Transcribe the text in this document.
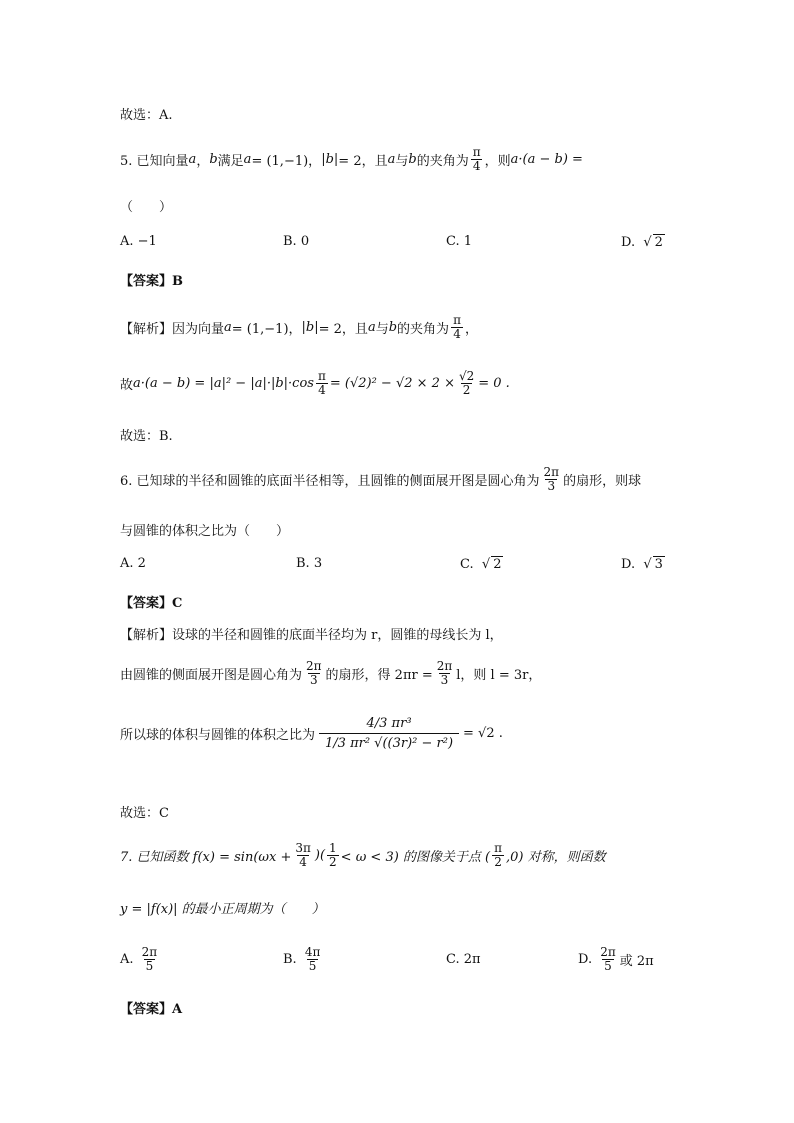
故选：A.
5. 已知向量 a ， b 满足 a = (1,−1)， |b| = 2，且 a 与 b 的夹角为 $\frac{\pi}{4}$ ，则 a ·(a − b) =
（　　）
A. −1	B. 0	C. 1	D.
√ 2
【答案】B
【解析】因为向量 a = (1,−1)， |b| = 2，且 a 与 b 的夹角为 $\frac{\pi}{4}$ ，
故 $a \cdot(a - b) = |a|^2 - |a|\cdot|b|\cdot\cos \frac{\pi}{4} = (√2)^2 - √2 \times 2 \times \frac{√2}{2} = 0$ .
故选：B.
6. 已知球的半径和圆锥的底面半径相等，且圆锥的侧面展开图是圆心角为 $\frac{2\pi}{3}$ 的扇形，则球
与圆锥的体积之比为（　　）
A. 2	B. 3	C.
√ 2	D.
√ 3
【答案】C
【解析】设球的半径和圆锥的底面半径均为 r，圆锥的母线长为 l，
由圆锥的侧面展开图是圆心角为 $\frac{2\pi}{3}$ 的扇形，得 $2\pi r = \frac{2\pi}{3}$ l，则 l = 3r，
所以球的体积与圆锥的体积之比为 $\frac{\text{4/3 πr³}}{\text{1/3 πr² √((3r)² − r²)}} = √2$ .
故选：C
7. 已知函数 $f(x) = \sin(\omega x + \frac{3\pi}{4}$ )( $\frac{1}{2} < \omega < 3$) 的图像关于点 ( $\frac{\pi}{2} ,0$) 对称，则函数
y = |f(x)| 的最小正周期为（　　）
A.
$\frac{2\pi}{5}$	B.
$\frac{4\pi}{5}$	C. 2π	D.
$\frac{2\pi}{5}$ 或 2π
【答案】A
